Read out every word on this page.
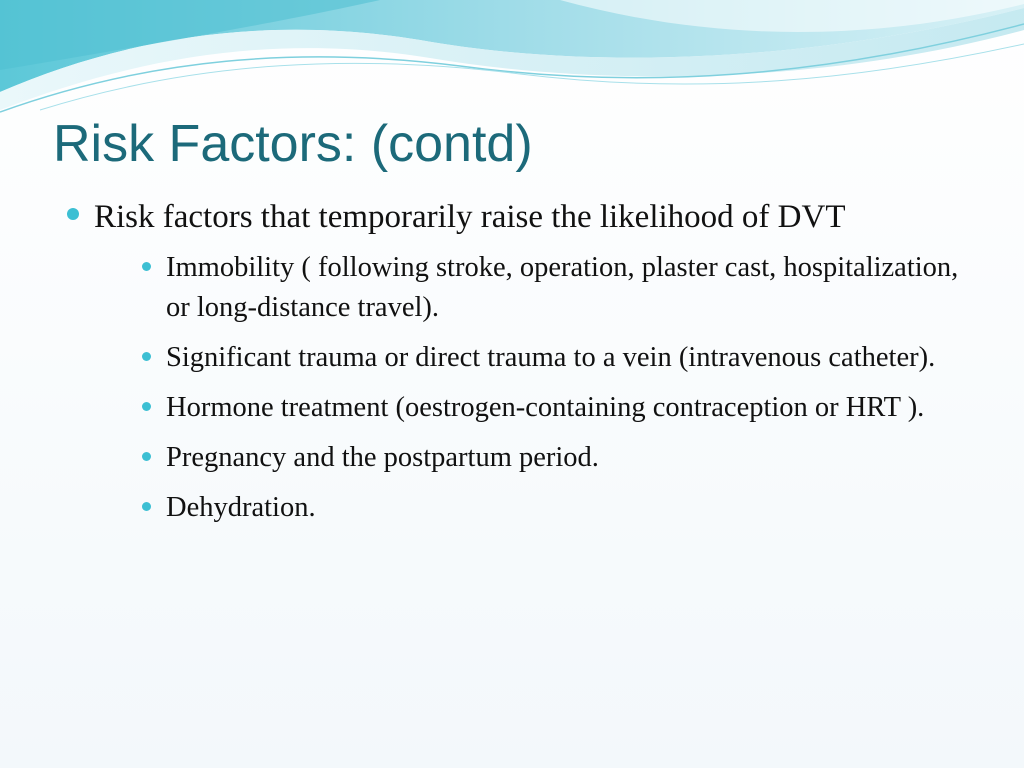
Risk Factors: (contd)
Risk factors that temporarily raise the likelihood of DVT
Immobility ( following stroke, operation, plaster cast, hospitalization, or long-distance travel).
Significant trauma or direct trauma to a vein (intravenous catheter).
Hormone treatment (oestrogen-containing contraception or HRT ).
Pregnancy and the postpartum period.
Dehydration.
